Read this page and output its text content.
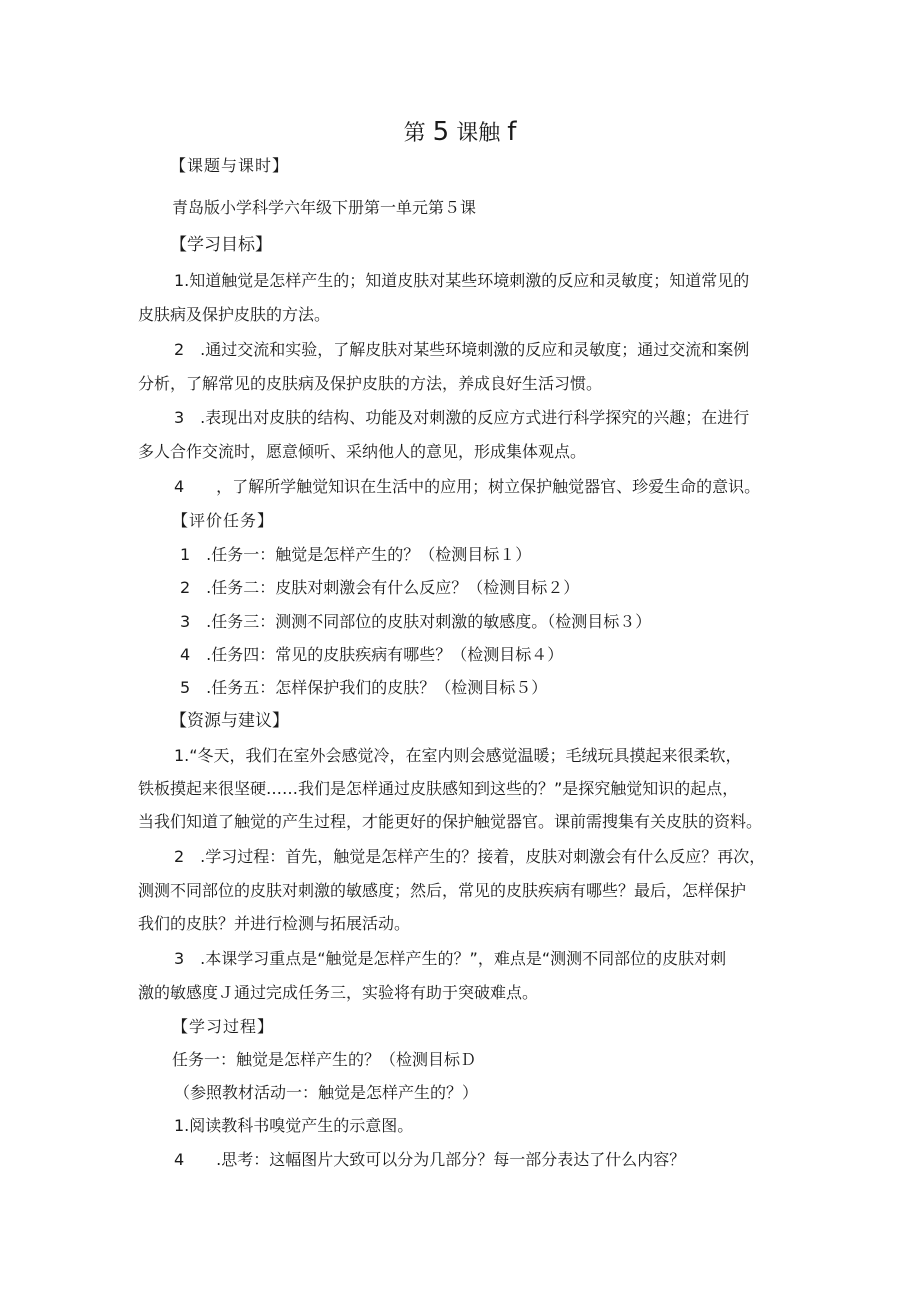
第 5 课触 f
【课题与课时】
青岛版小学科学六年级下册第一单元第５课
【学习目标】
1.知道触觉是怎样产生的；知道皮肤对某些环境刺激的反应和灵敏度；知道常见的
皮肤病及保护皮肤的方法。
2　.通过交流和实验，了解皮肤对某些环境刺激的反应和灵敏度；通过交流和案例
分析，了解常见的皮肤病及保护皮肤的方法，养成良好生活习惯。
3　.表现出对皮肤的结构、功能及对刺激的反应方式进行科学探究的兴趣；在进行
多人合作交流时，愿意倾听、采纳他人的意见，形成集体观点。
4　　，了解所学触觉知识在生活中的应用；树立保护触觉器官、珍爱生命的意识。
【评价任务】
1　.任务一：触觉是怎样产生的？（检测目标１）
2　.任务二：皮肤对刺激会有什么反应？（检测目标２）
3　.任务三：测测不同部位的皮肤对刺激的敏感度。（检测目标３）
4　.任务四：常见的皮肤疾病有哪些？（检测目标４）
5　.任务五：怎样保护我们的皮肤？（检测目标５）
【资源与建议】
1.“冬天，我们在室外会感觉冷，在室内则会感觉温暖；毛绒玩具摸起来很柔软，
铁板摸起来很坚硬……我们是怎样通过皮肤感知到这些的？”是探究触觉知识的起点，
当我们知道了触觉的产生过程，才能更好的保护触觉器官。课前需搜集有关皮肤的资料。
2　.学习过程：首先，触觉是怎样产生的？接着，皮肤对刺激会有什么反应？再次，
测测不同部位的皮肤对刺激的敏感度；然后，常见的皮肤疾病有哪些？最后，怎样保护
我们的皮肤？并进行检测与拓展活动。
3　.本课学习重点是“触觉是怎样产生的？”，难点是“测测不同部位的皮肤对刺
激的敏感度Ｊ通过完成任务三，实验将有助于突破难点。
【学习过程】
任务一：触觉是怎样产生的？（检测目标Ｄ
（参照教材活动一：触觉是怎样产生的？）
1.阅读教科书嗅觉产生的示意图。
4　　.思考：这幅图片大致可以分为几部分？每一部分表达了什么内容？
